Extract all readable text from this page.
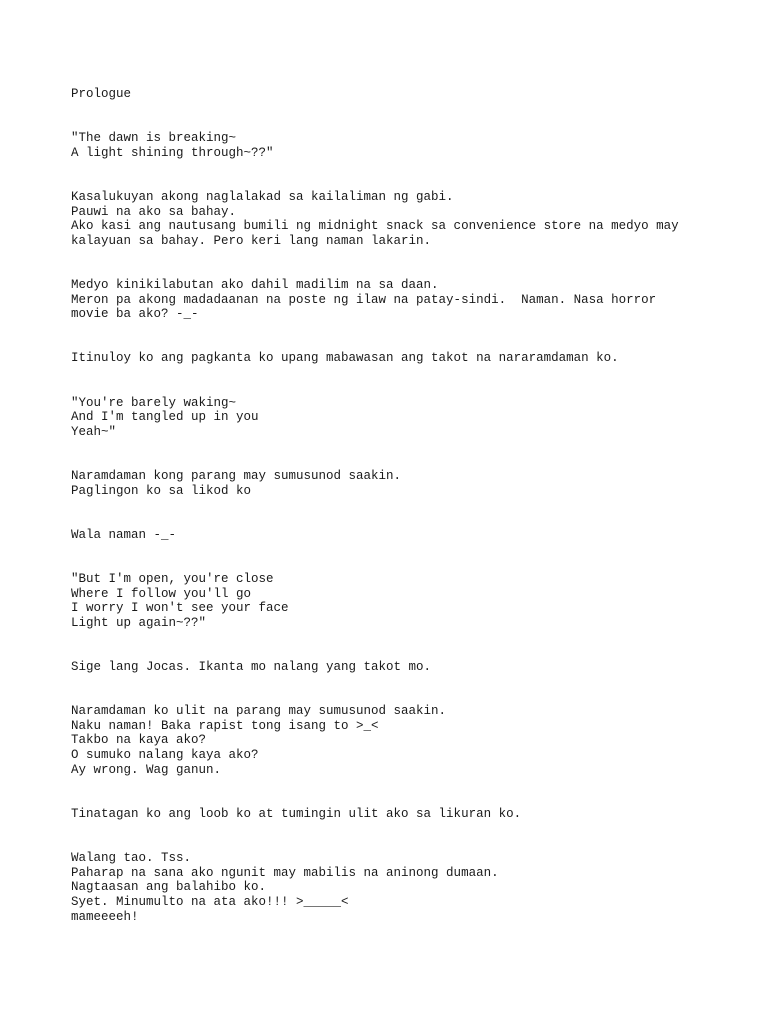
Prologue
"The dawn is breaking~
A light shining through~??"
Kasalukuyan akong naglalakad sa kailaliman ng gabi.
Pauwi na ako sa bahay.
Ako kasi ang nautusang bumili ng midnight snack sa convenience store na medyo may
kalayuan sa bahay. Pero keri lang naman lakarin.
Medyo kinikilabutan ako dahil madilim na sa daan.
Meron pa akong madadaanan na poste ng ilaw na patay-sindi.  Naman. Nasa horror
movie ba ako? -_-
Itinuloy ko ang pagkanta ko upang mabawasan ang takot na nararamdaman ko.
"You're barely waking~
And I'm tangled up in you
Yeah~"
Naramdaman kong parang may sumusunod saakin.
Paglingon ko sa likod ko
Wala naman -_-
"But I'm open, you're close
Where I follow you'll go
I worry I won't see your face
Light up again~??"
Sige lang Jocas. Ikanta mo nalang yang takot mo.
Naramdaman ko ulit na parang may sumusunod saakin.
Naku naman! Baka rapist tong isang to >_<
Takbo na kaya ako?
O sumuko nalang kaya ako?
Ay wrong. Wag ganun.
Tinatagan ko ang loob ko at tumingin ulit ako sa likuran ko.
Walang tao. Tss.
Paharap na sana ako ngunit may mabilis na aninong dumaan.
Nagtaasan ang balahibo ko.
Syet. Minumulto na ata ako!!! >_____<
mameeeeh!
